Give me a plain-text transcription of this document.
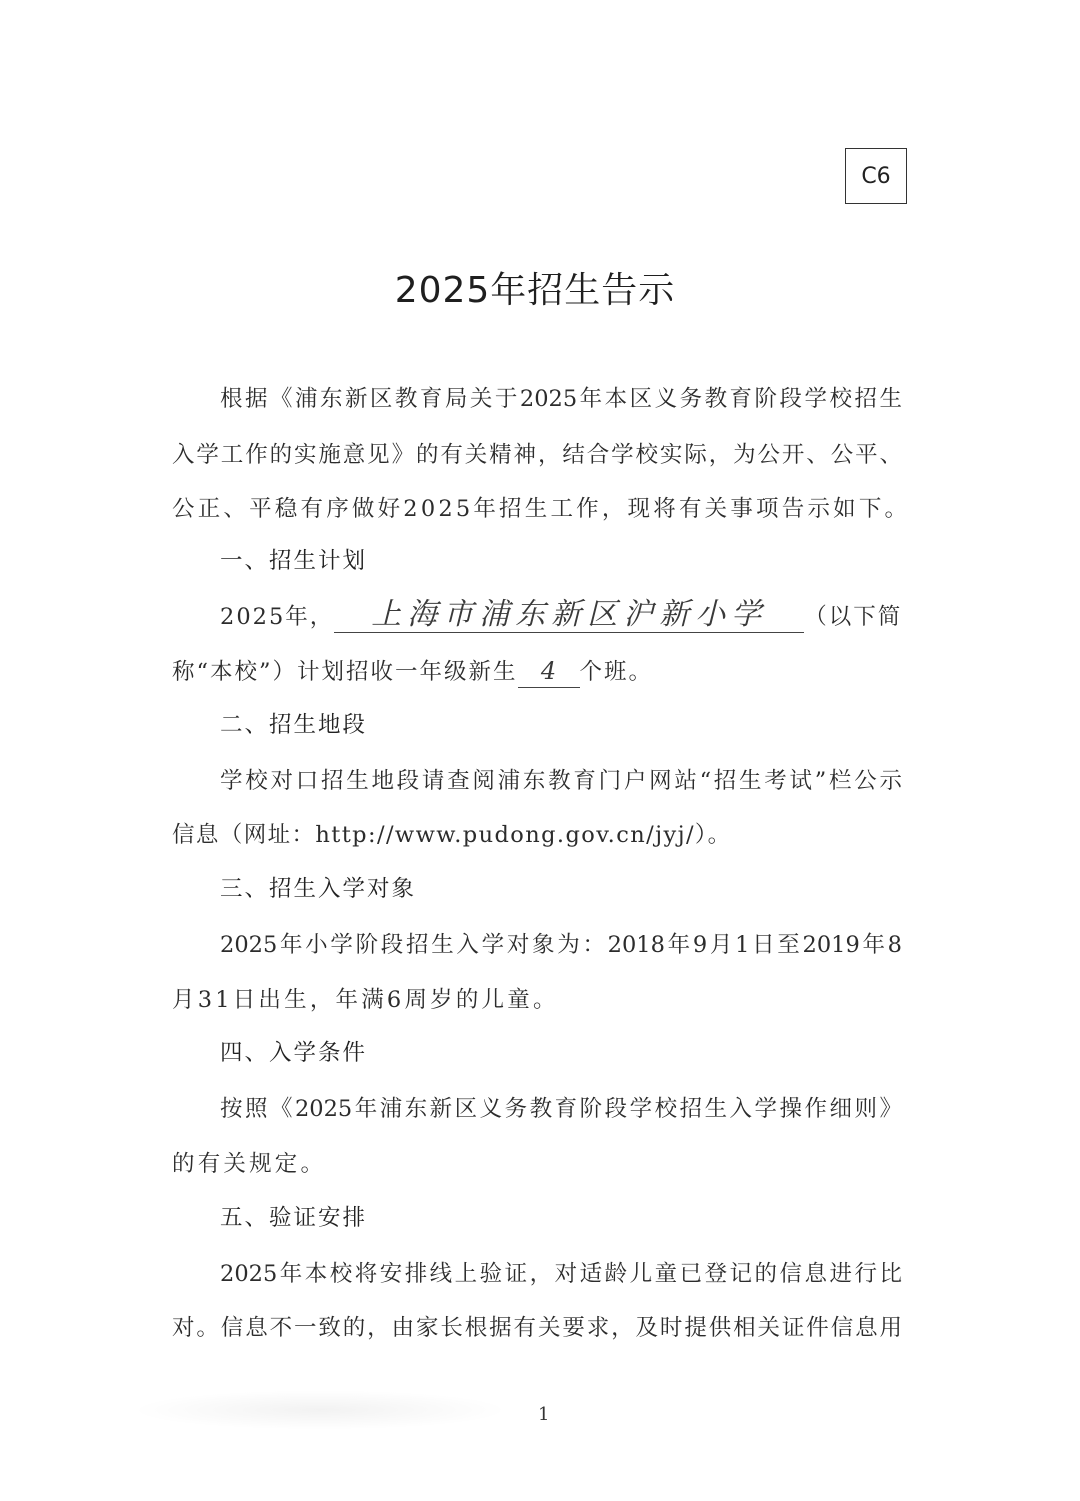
C6
2025年招生告示
根据《浦东新区教育局关于2025年本区义务教育阶段学校招生
入学工作的实施意见》的有关精神，结合学校实际，为公开、公平、
公正、平稳有序做好2025年招生工作，现将有关事项告示如下。
一、招生计划
2025年， 上海市浦东新区沪新小学 （以下简
称“本校”）计划招收一年级新生 4 个班。
二、招生地段
学校对口招生地段请查阅浦东教育门户网站“招生考试”栏公示
信息（网址：http://www.pudong.gov.cn/jyj/）。
三、招生入学对象
2025年小学阶段招生入学对象为：2018年9月1日至2019年8
月31日出生，年满6周岁的儿童。
四、入学条件
按照《2025年浦东新区义务教育阶段学校招生入学操作细则》
的有关规定。
五、验证安排
2025年本校将安排线上验证，对适龄儿童已登记的信息进行比
对。信息不一致的，由家长根据有关要求，及时提供相关证件信息用
1
